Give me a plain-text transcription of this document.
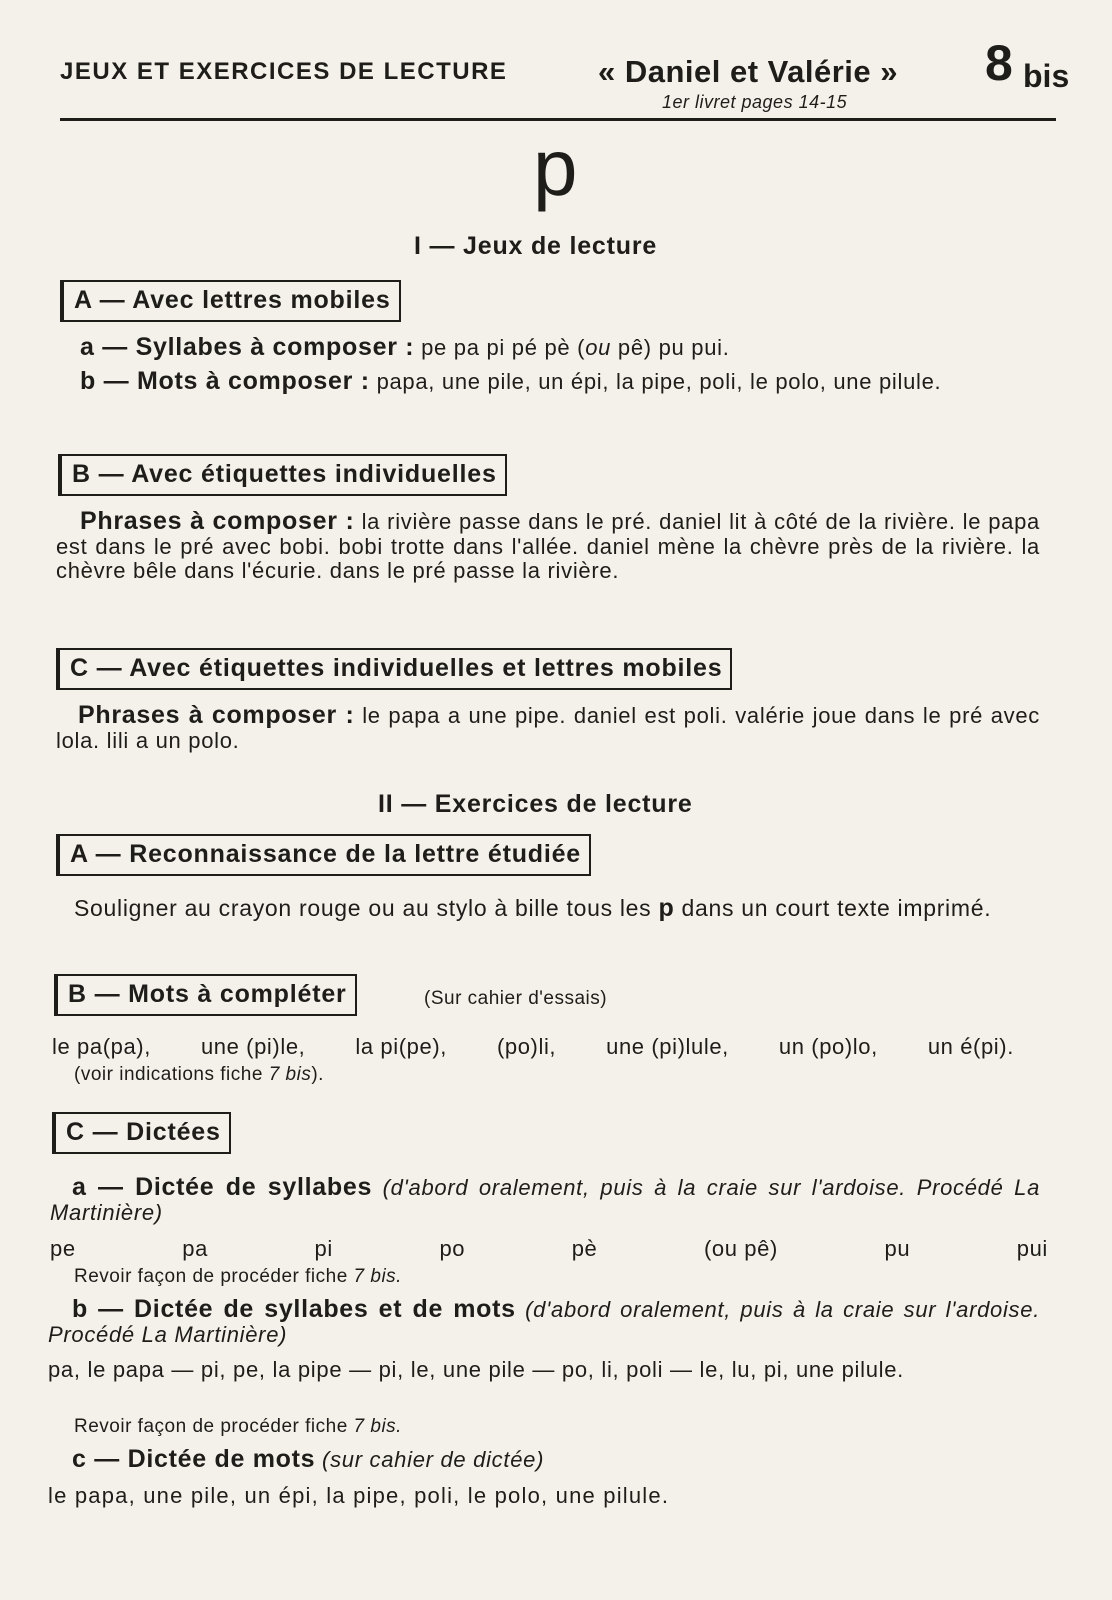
JEUX ET EXERCICES DE LECTURE	« Daniel et Valérie » 8 bis
1er livret pages 14-15
p
I — Jeux de lecture
A — Avec lettres mobiles
a — Syllabes à composer : pe pa pi pé pè (ou pê) pu pui.
b — Mots à composer : papa, une pile, un épi, la pipe, poli, le polo, une pilule.
B — Avec étiquettes individuelles
Phrases à composer : la rivière passe dans le pré. daniel lit à côté de la rivière. le papa est dans le pré avec bobi. bobi trotte dans l'allée. daniel mène la chèvre près de la rivière. la chèvre bêle dans l'écurie. dans le pré passe la rivière.
C — Avec étiquettes individuelles et lettres mobiles
Phrases à composer : le papa a une pipe. daniel est poli. valérie joue dans le pré avec lola. lili a un polo.
II — Exercices de lecture
A — Reconnaissance de la lettre étudiée
Souligner au crayon rouge ou au stylo à bille tous les p dans un court texte imprimé.
B — Mots à compléter	(Sur cahier d'essais)
le pa(pa), une (pi)le, la pi(pe), (po)li, une (pi)lule, un (po)lo, un é(pi).
(voir indications fiche 7 bis).
C — Dictées
a — Dictée de syllabes (d'abord oralement, puis à la craie sur l'ardoise. Procédé La Martinière)
pe	pa	pi	po	pè	(ou pê)	pu	pui
Revoir façon de procéder fiche 7 bis.
b — Dictée de syllabes et de mots (d'abord oralement, puis à la craie sur l'ardoise. Procédé La Martinière)
pa, le papa — pi, pe, la pipe — pi, le, une pile — po, li, poli — le, lu, pi, une pilule.
Revoir façon de procéder fiche 7 bis.
c — Dictée de mots (sur cahier de dictée)
le papa, une pile, un épi, la pipe, poli, le polo, une pilule.
